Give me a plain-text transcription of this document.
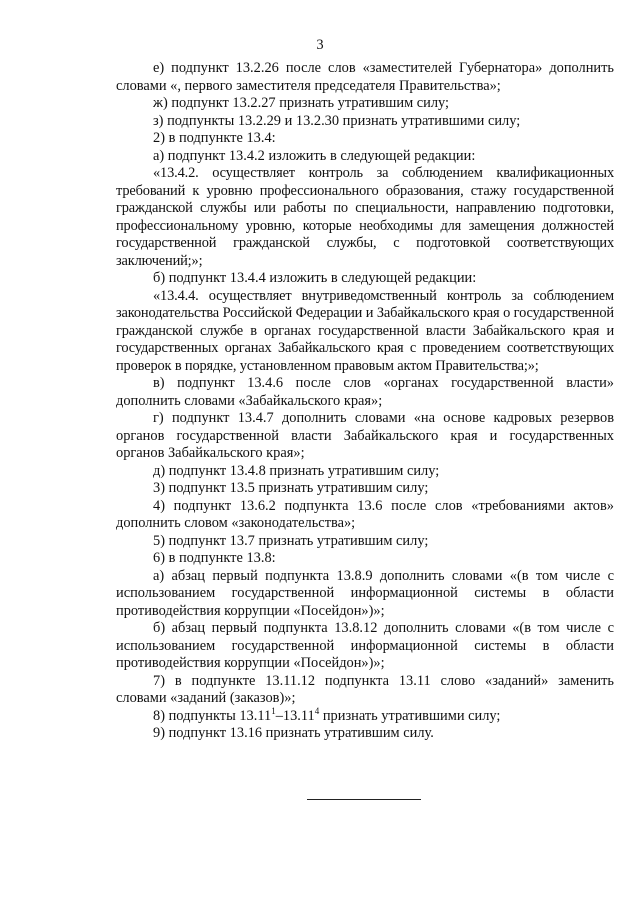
3

е) подпункт 13.2.26 после слов «заместителей Губернатора» дополнить словами «, первого заместителя председателя Правительства»;

ж) подпункт 13.2.27 признать утратившим силу;

з) подпункты 13.2.29 и 13.2.30 признать утратившими силу;

2) в подпункте 13.4:

а) подпункт 13.4.2 изложить в следующей редакции:

«13.4.2. осуществляет контроль за соблюдением квалификационных требований к уровню профессионального образования, стажу государственной гражданской службы или работы по специальности, направлению подготовки, профессиональному уровню, которые необходимы для замещения должностей государственной гражданской службы, с подготовкой соответствующих заключений;»;

б) подпункт 13.4.4 изложить в следующей редакции:

«13.4.4. осуществляет внутриведомственный контроль за соблюдением законодательства Российской Федерации и Забайкальского края о государственной гражданской службе в органах государственной власти Забайкальского края и государственных органах Забайкальского края с проведением соответствующих проверок в порядке, установленном правовым актом Правительства;»;

в) подпункт 13.4.6 после слов «органах государственной власти» дополнить словами «Забайкальского края»;

г) подпункт 13.4.7 дополнить словами «на основе кадровых резервов органов государственной власти Забайкальского края и государственных органов Забайкальского края»;

д) подпункт 13.4.8 признать утратившим силу;

3) подпункт 13.5 признать утратившим силу;

4) подпункт 13.6.2 подпункта 13.6 после слов «требованиями актов» дополнить словом «законодательства»;

5) подпункт 13.7 признать утратившим силу;

6) в подпункте 13.8:

а) абзац первый подпункта 13.8.9 дополнить словами «(в том числе с использованием государственной информационной системы в области противодействия коррупции «Посейдон»)»;

б) абзац первый подпункта 13.8.12 дополнить словами «(в том числе с использованием государственной информационной системы в области противодействия коррупции «Посейдон»)»;

7) в подпункте 13.11.12 подпункта 13.11 слово «заданий» заменить словами «заданий (заказов)»;

8) подпункты 13.11$^1$–13.11$^4$ признать утратившими силу;

9) подпункт 13.16 признать утратившим силу.
